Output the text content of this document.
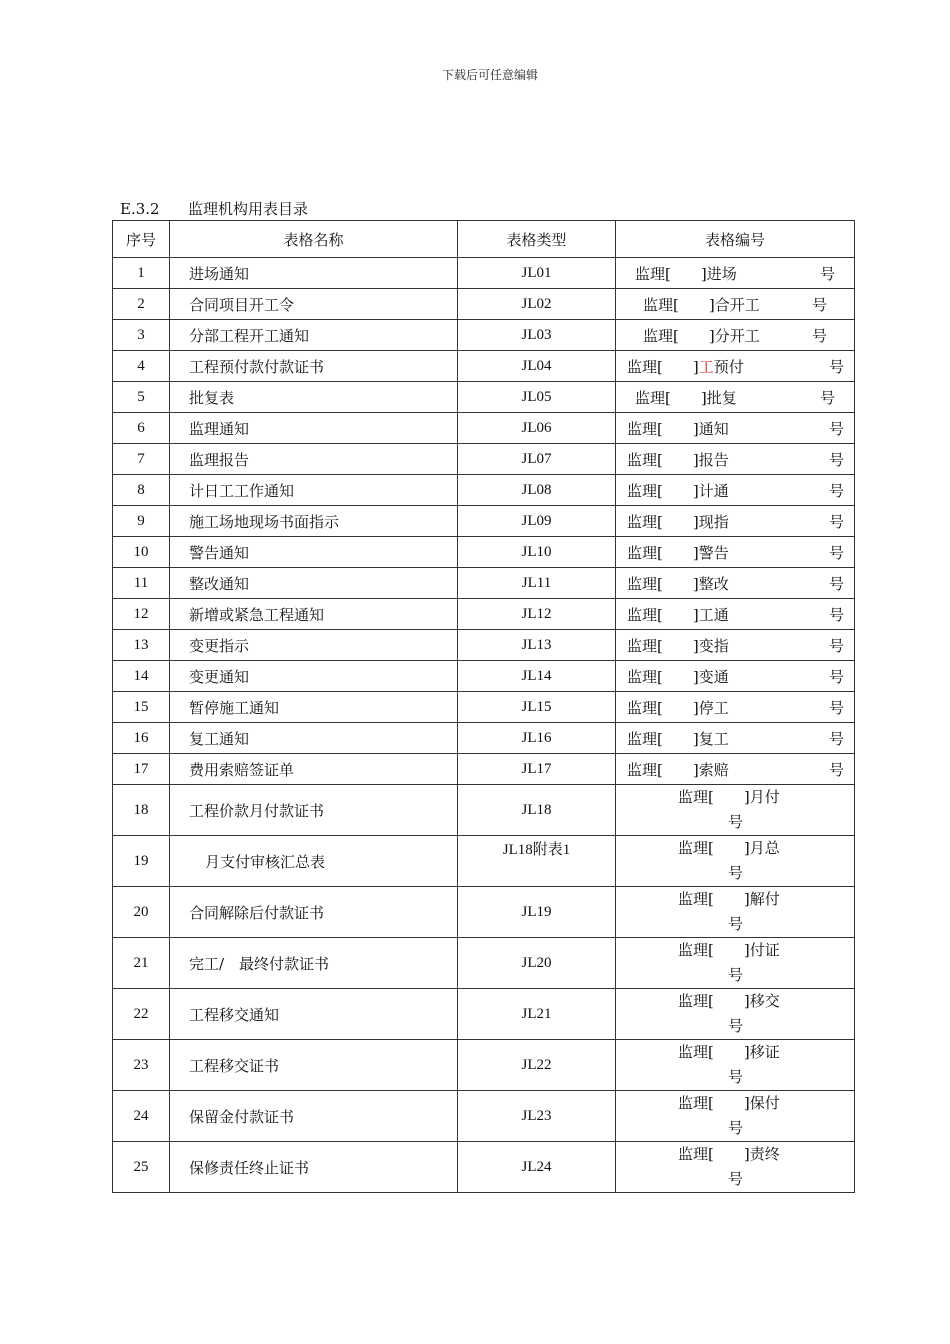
下载后可任意编辑
E.3.2 监理机构用表目录
序号	表格名称	表格类型	表格编号
1	进场通知	JL01	监理[　　]进场 号

2	合同项目开工令	JL02	监理[　　]合开工 号

3	分部工程开工通知	JL03	监理[　　]分开工 号

4	工程预付款付款证书	JL04	监理[　　] 工 预付 号

5	批复表	JL05	监理[　　]批复 号

6	监理通知	JL06	监理[　　]通知 号

7	监理报告	JL07	监理[　　]报告 号

8	计日工工作通知	JL08	监理[　　]计通 号

9	施工场地现场书面指示	JL09	监理[　　]现指 号

10	警告通知	JL10	监理[　　]警告 号

11	整改通知	JL11	监理[　　]整改 号

12	新增或紧急工程通知	JL12	监理[　　]工通 号

13	变更指示	JL13	监理[　　]变指 号

14	变更通知	JL14	监理[　　]变通 号

15	暂停施工通知	JL15	监理[　　]停工 号

16	复工通知	JL16	监理[　　]复工 号

17	费用索赔签证单	JL17	监理[　　]索赔 号

18	工程价款月付款证书	JL18	监理[　　]月付
号

19	月支付审核汇总表	JL18附表1	监理[　　]月总
号

20	合同解除后付款证书	JL19	监理[　　]解付
号

21	完工/　最终付款证书	JL20	监理[　　]付证
号

22	工程移交通知	JL21	监理[　　]移交
号

23	工程移交证书	JL22	监理[　　]移证
号

24	保留金付款证书	JL23	监理[　　]保付
号

25	保修责任终止证书	JL24	监理[　　]责终
号
